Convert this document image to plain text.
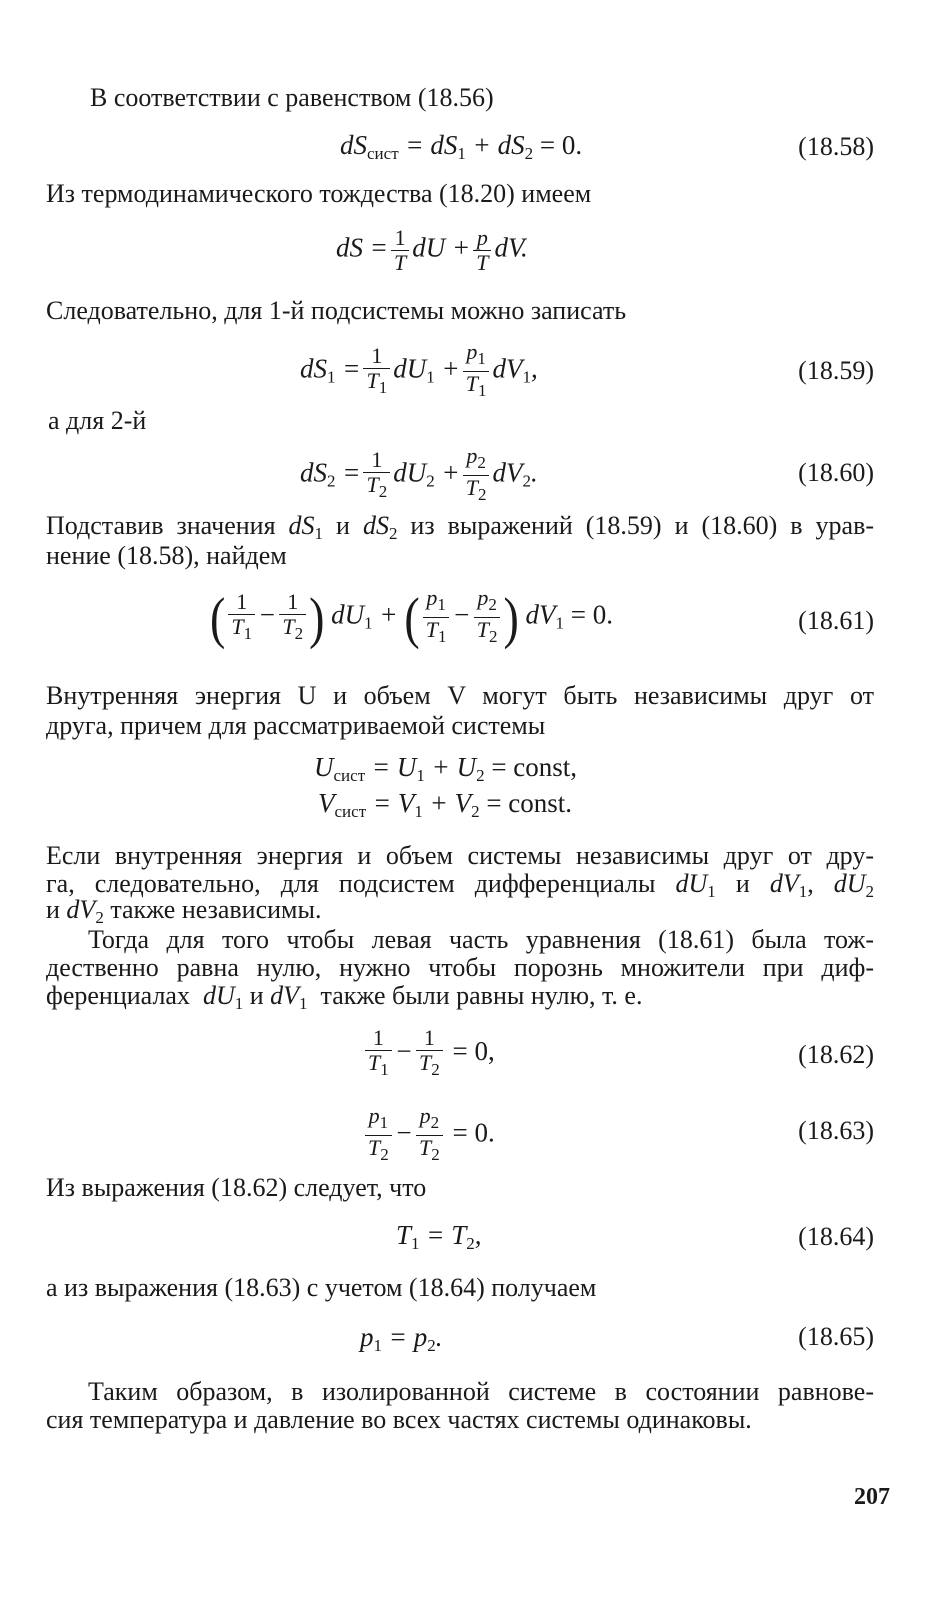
В соответствии с равенством (18.56)
$dS_{сист} = dS_1 + dS_2 = 0$.	(18.58)
Из термодинамического тождества (18.20) имеем
dS = $\frac{1}{T}$ dU + $\frac{p}{T}$ dV.
Следовательно, для 1-й подсистемы можно записать
$dS_1 = \frac{1}{T_1} dU_1 + \frac{p_1}{T_1} dV_1$,	(18.59)
а для 2-й
$dS_2 = \frac{1}{T_2} dU_2 + \frac{p_2}{T_2} dV_2$.	(18.60)
Подставив значения $dS_1$ и $dS_2$ из выражений (18.59) и (18.60) в урав-
нение (18.58), найдем
( $\frac{1}{T_1} - \frac{1}{T_2}$ ) $dU_1$ + ( $\frac{p_1}{T_1} - \frac{p_2}{T_2}$ ) $dV_1 = 0$.	(18.61)
Внутренняя энергия U и объем V могут быть независимы друг от
друга, причем для рассматриваемой системы
$U_{сист} = U_1 + U_2$ = const,
$V_{сист} = V_1 + V_2$ = const.
Если внутренняя энергия и объем системы независимы друг от дру-
га, следовательно, для подсистем дифференциалы $dU_1$ и $dV_1$, $dU_2$
и $dV_2$ также независимы.
Тогда для того чтобы левая часть уравнения (18.61) была тож-
дественно равна нулю, нужно чтобы порознь множители при диф-
ференциалах $dU_1$ и $dV_1$ также были равны нулю, т. е.
$\frac{1}{T_1} - \frac{1}{T_2} = 0$,	(18.62)
$\frac{p_1}{T_2} - \frac{p_2}{T_2} = 0$.	(18.63)
Из выражения (18.62) следует, что
$T_1 = T_2$,	(18.64)
а из выражения (18.63) с учетом (18.64) получаем
$p_1 = p_2$.	(18.65)
Таким образом, в изолированной системе в состоянии равнове-
сия температура и давление во всех частях системы одинаковы.
207
